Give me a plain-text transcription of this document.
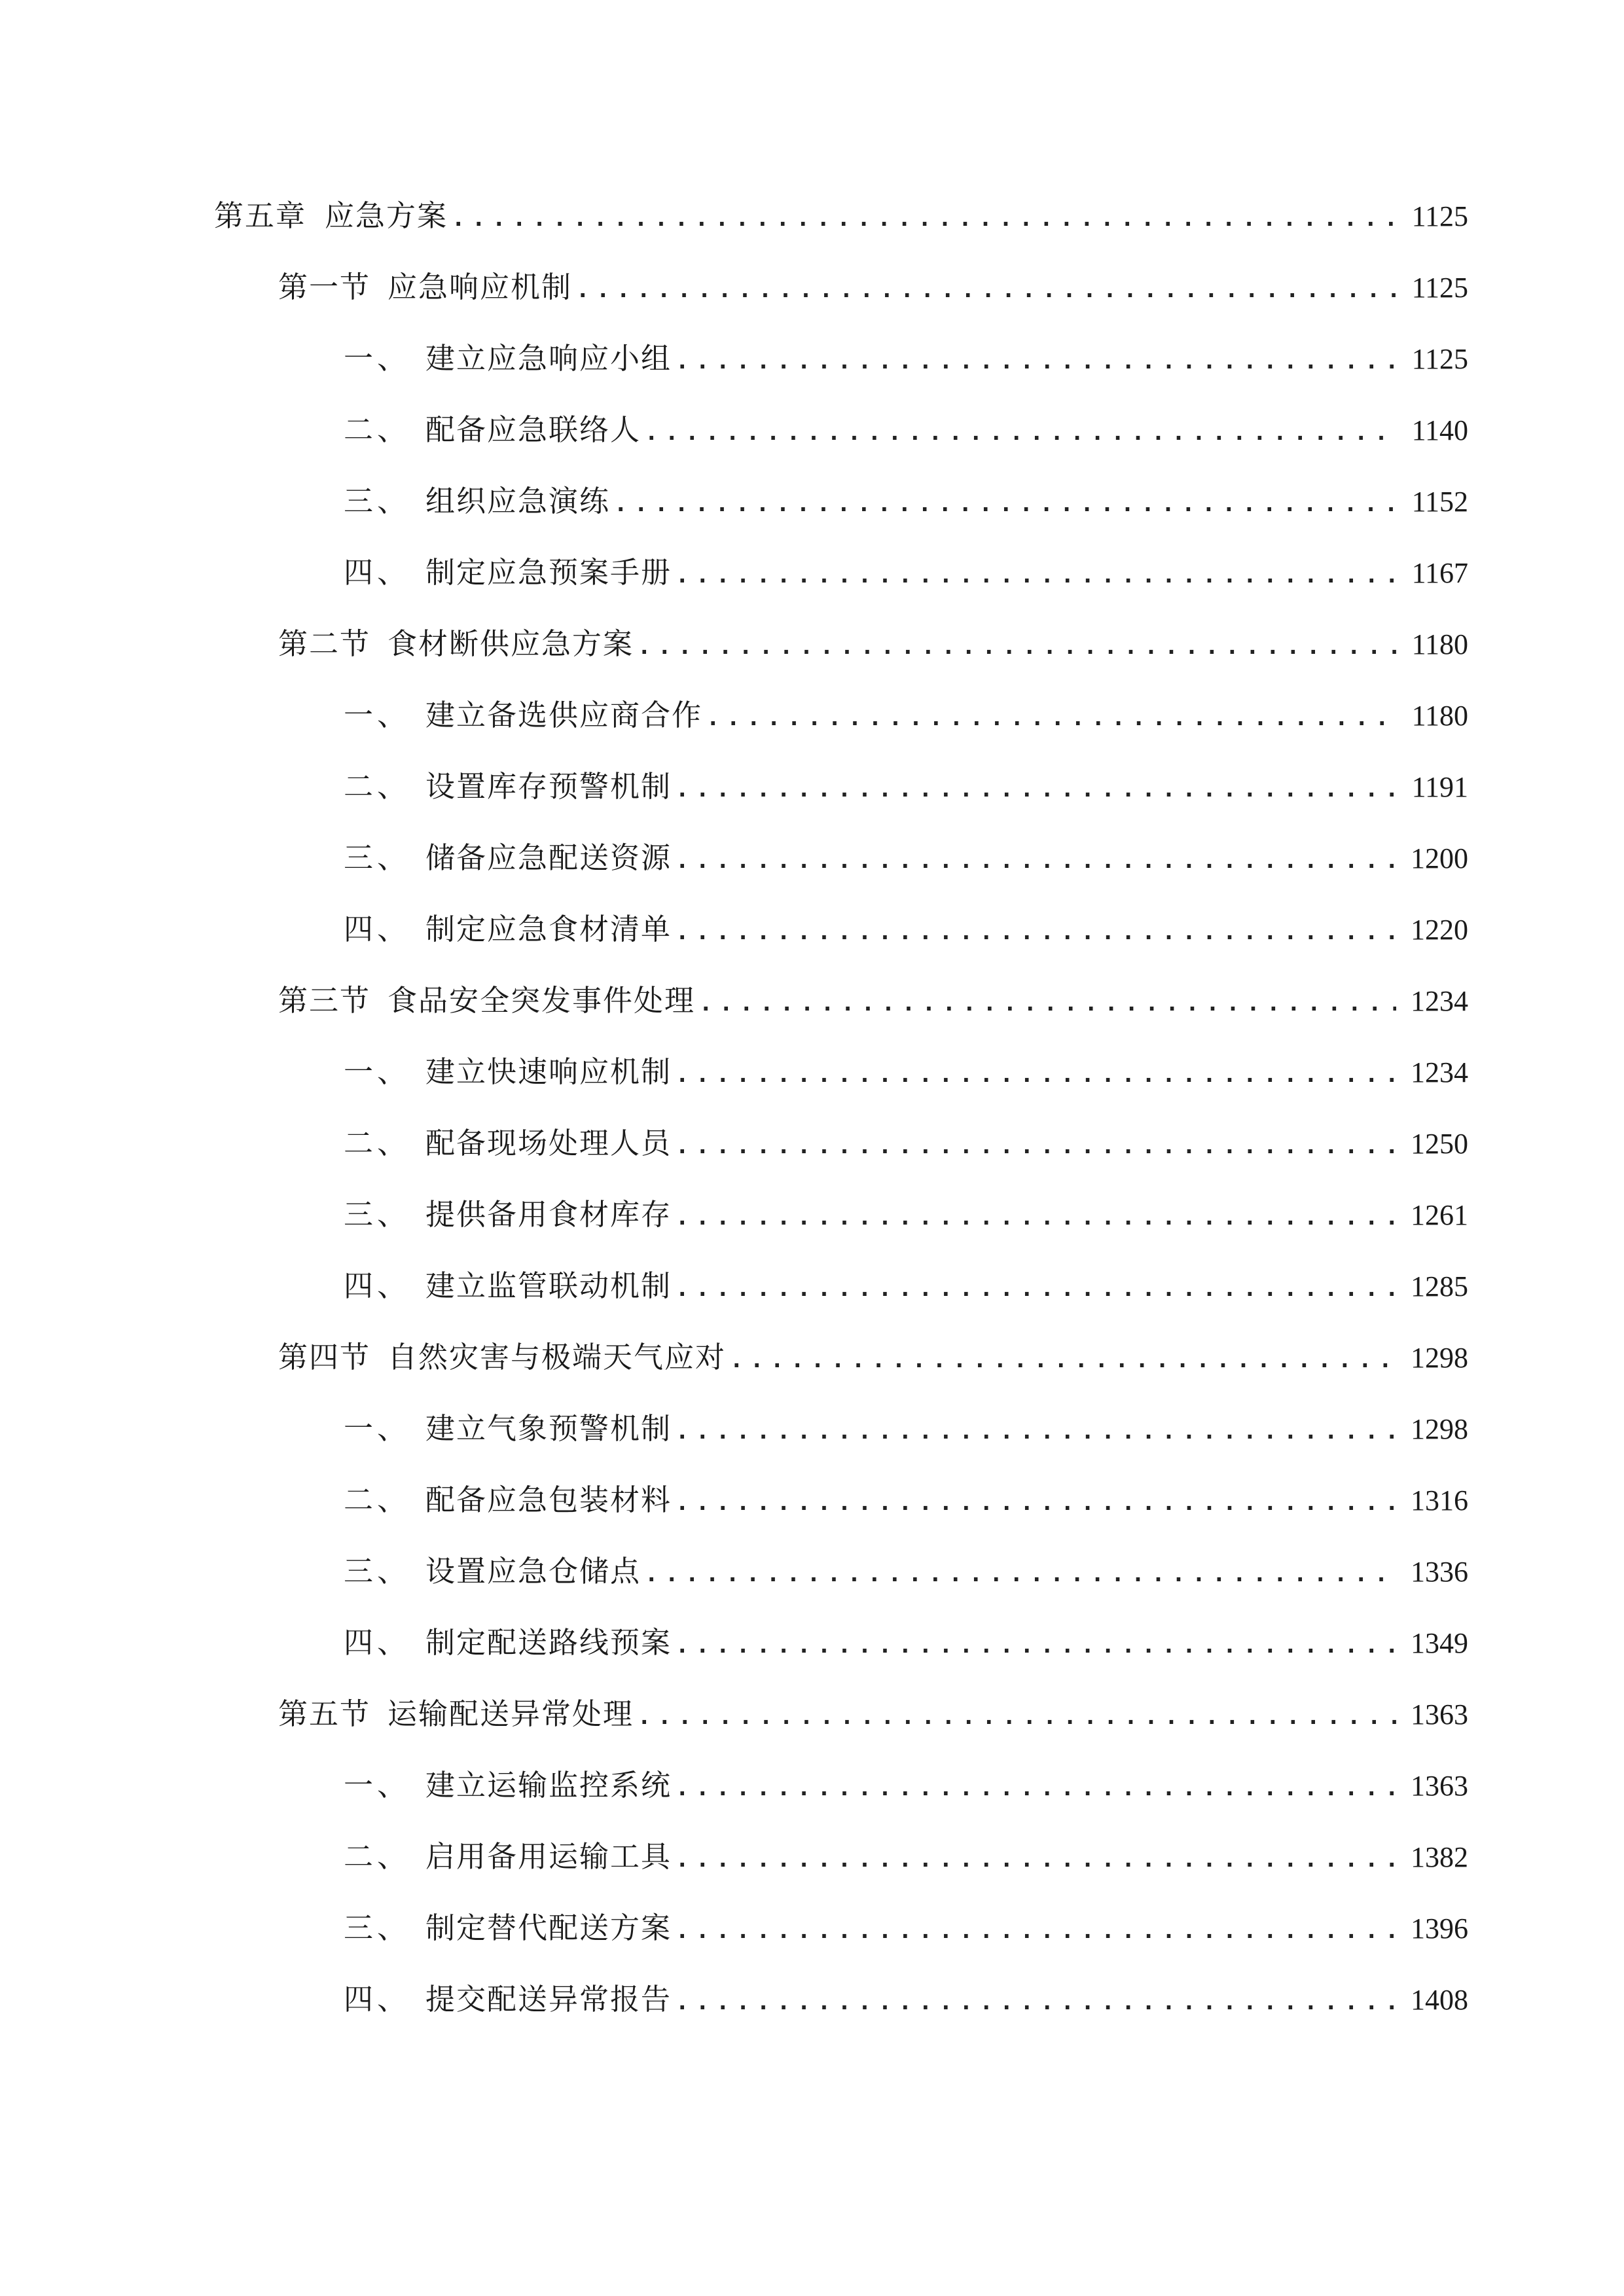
第五章 应急方案 .....	1125
第一节 应急响应机制 .....	1125
一、 建立应急响应小组 .....	1125
二、 配备应急联络人 .....	1140
三、 组织应急演练 .....	1152
四、 制定应急预案手册 .....	1167
第二节 食材断供应急方案 .....	1180
一、 建立备选供应商合作 .....	1180
二、 设置库存预警机制 .....	1191
三、 储备应急配送资源 .....	1200
四、 制定应急食材清单 .....	1220
第三节 食品安全突发事件处理 .....	1234
一、 建立快速响应机制 .....	1234
二、 配备现场处理人员 .....	1250
三、 提供备用食材库存 .....	1261
四、 建立监管联动机制 .....	1285
第四节 自然灾害与极端天气应对 .....	1298
一、 建立气象预警机制 .....	1298
二、 配备应急包装材料 .....	1316
三、 设置应急仓储点 .....	1336
四、 制定配送路线预案 .....	1349
第五节 运输配送异常处理 .....	1363
一、 建立运输监控系统 .....	1363
二、 启用备用运输工具 .....	1382
三、 制定替代配送方案 .....	1396
四、 提交配送异常报告 .....	1408
